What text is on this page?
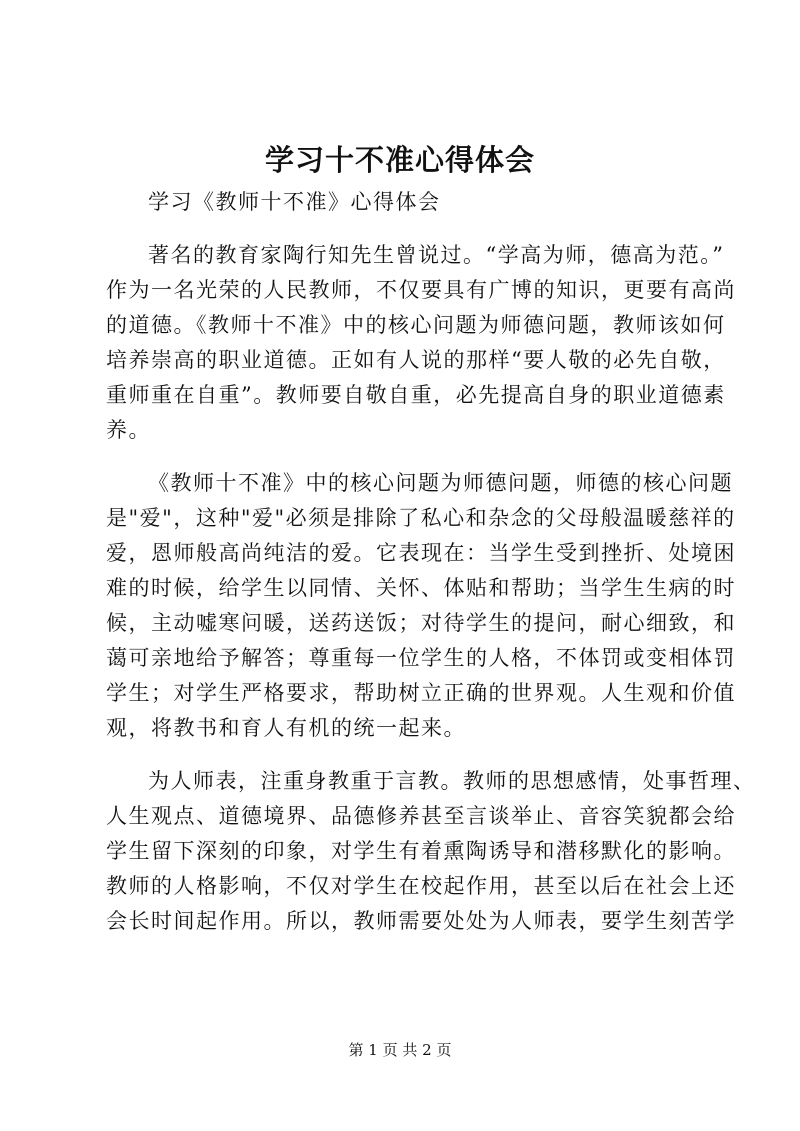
学习十不准心得体会
学习《教师十不准》心得体会
著名的教育家陶行知先生曾说过。“学高为师，德高为范。”
作为一名光荣的人民教师，不仅要具有广博的知识，更要有高尚
的道德。《教师十不准》中的核心问题为师德问题，教师该如何
培养崇高的职业道德。正如有人说的那样“要人敬的必先自敬，
重师重在自重”。教师要自敬自重，必先提高自身的职业道德素
养。
《教师十不准》中的核心问题为师德问题，师德的核心问题
是"爱"，这种"爱"必须是排除了私心和杂念的父母般温暖慈祥的
爱，恩师般高尚纯洁的爱。它表现在：当学生受到挫折、处境困
难的时候，给学生以同情、关怀、体贴和帮助；当学生生病的时
候，主动嘘寒问暖，送药送饭；对待学生的提问，耐心细致，和
蔼可亲地给予解答；尊重每一位学生的人格，不体罚或变相体罚
学生；对学生严格要求，帮助树立正确的世界观。人生观和价值
观，将教书和育人有机的统一起来。
为人师表，注重身教重于言教。教师的思想感情，处事哲理、
人生观点、道德境界、品德修养甚至言谈举止、音容笑貌都会给
学生留下深刻的印象，对学生有着熏陶诱导和潜移默化的影响。
教师的人格影响，不仅对学生在校起作用，甚至以后在社会上还
会长时间起作用。所以，教师需要处处为人师表，要学生刻苦学
第 1 页 共 2 页
